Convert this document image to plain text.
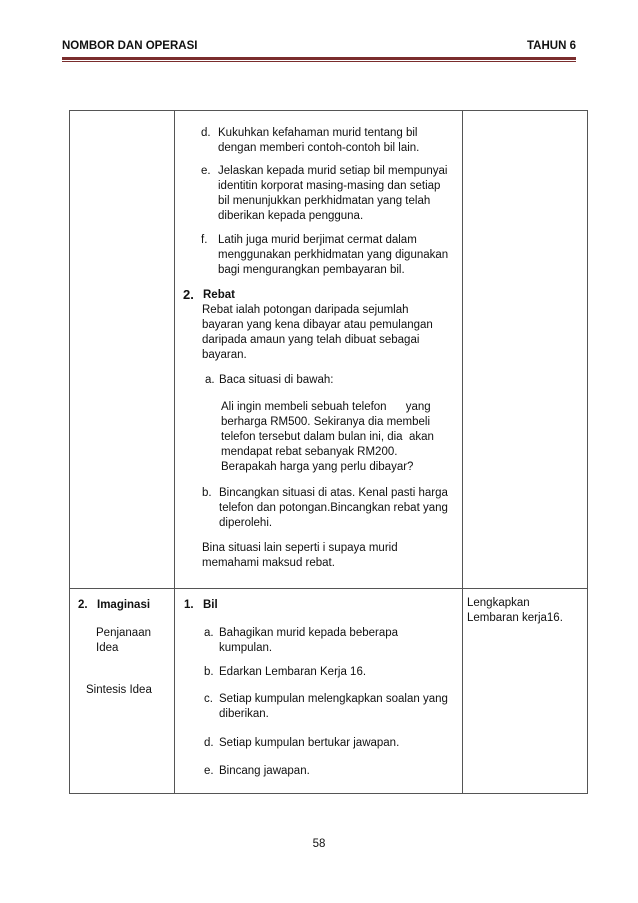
NOMBOR DAN OPERASI	TAHUN 6
d. Kukuhkan kefahaman murid tentang bil
dengan memberi contoh-contoh bil lain.
e. Jelaskan kepada murid setiap bil mempunyai
identitin korporat masing-masing dan setiap
bil menunjukkan perkhidmatan yang telah
diberikan kepada pengguna.
f. Latih juga murid berjimat cermat dalam
menggunakan perkhidmatan yang digunakan
bagi mengurangkan pembayaran bil.
2. Rebat
Rebat ialah potongan daripada sejumlah
bayaran yang kena dibayar atau pemulangan
daripada amaun yang telah dibuat sebagai
bayaran.
a. Baca situasi di bawah:
Ali ingin membeli sebuah telefon      yang
berharga RM500. Sekiranya dia membeli
telefon tersebut dalam bulan ini, dia  akan
mendapat rebat sebanyak RM200.
Berapakah harga yang perlu dibayar?
b. Bincangkan situasi di atas. Kenal pasti harga
telefon dan potongan.Bincangkan rebat yang
diperolehi.
Bina situasi lain seperti i supaya murid
memahami maksud rebat.
2. Imaginasi
Penjanaan
Idea
Sintesis Idea
1. Bil
a. Bahagikan murid kepada beberapa
kumpulan.
b. Edarkan Lembaran Kerja 16.
c. Setiap kumpulan melengkapkan soalan yang
diberikan.
d. Setiap kumpulan bertukar jawapan.
e. Bincang jawapan.
Lengkapkan
Lembaran kerja16.
58
